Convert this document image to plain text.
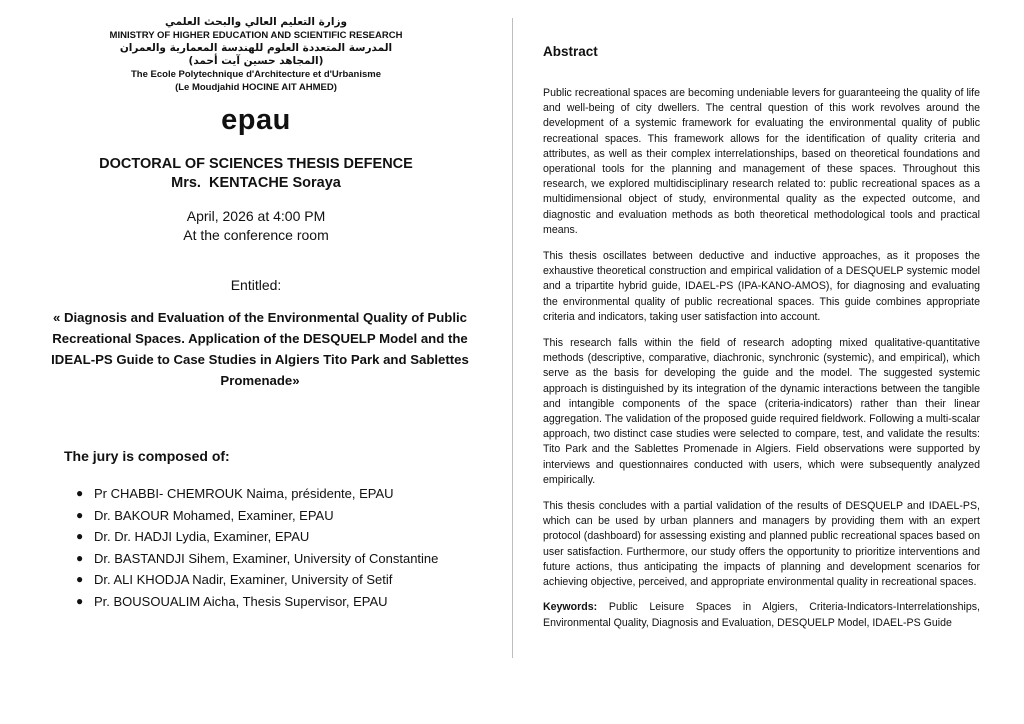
وزارة التعليم العالي والبحث العلمي
MINISTRY OF HIGHER EDUCATION AND SCIENTIFIC RESEARCH
المدرسة المتعددة العلوم للهندسة المعمارية والعمران
(المجاهد حسين آيت أحمد)
The Ecole Polytechnique d'Architecture et d'Urbanisme
(Le Moudjahid HOCINE AIT AHMED)
epau
DOCTORAL OF SCIENCES THESIS DEFENCE
Mrs.  KENTACHE Soraya
April, 2026 at 4:00 PM
At the conference room
Entitled:
« Diagnosis and Evaluation of the Environmental Quality of Public Recreational Spaces. Application of the DESQUELP Model and the IDEAL-PS Guide to Case Studies in Algiers Tito Park and Sablettes Promenade»
The jury is composed of:
● Pr CHABBI- CHEMROUK Naima, présidente, EPAU
● Dr. BAKOUR Mohamed, Examiner, EPAU
● Dr. Dr. HADJI Lydia, Examiner, EPAU
● Dr. BASTANDJI Sihem, Examiner, University of Constantine
● Dr. ALI KHODJA Nadir, Examiner, University of Setif
● Pr. BOUSOUALIM Aicha, Thesis Supervisor, EPAU
Abstract

Public recreational spaces are becoming undeniable levers for guaranteeing the quality of life and well-being of city dwellers. The central question of this work revolves around the development of a systemic framework for evaluating the environmental quality of public recreational spaces. This framework allows for the identification of quality criteria and attributes, as well as their complex interrelationships, based on theoretical foundations and operational tools for the planning and management of these spaces. Throughout this research, we explored multidisciplinary research related to: public recreational spaces as a multidimensional object of study, environmental quality as the expected outcome, and diagnostic and evaluation methods as both theoretical methodological tools and practical means.

This thesis oscillates between deductive and inductive approaches, as it proposes the exhaustive theoretical construction and empirical validation of a DESQUELP systemic model and a tripartite hybrid guide, IDAEL-PS (IPA-KANO-AMOS), for diagnosing and evaluating the environmental quality of public recreational spaces. This guide combines appropriate criteria and indicators, taking user satisfaction into account.

This research falls within the field of research adopting mixed qualitative-quantitative methods (descriptive, comparative, diachronic, synchronic (systemic), and empirical), which serve as the basis for developing the guide and the model. The suggested systemic approach is distinguished by its integration of the dynamic interactions between the tangible and intangible components of the space (criteria-indicators) rather than their linear aggregation. The validation of the proposed guide required fieldwork. Following a multi-scalar approach, two distinct case studies were selected to compare, test, and validate the results: Tito Park and the Sablettes Promenade in Algiers. Field observations were supported by interviews and questionnaires conducted with users, which were subsequently analyzed empirically.

This thesis concludes with a partial validation of the results of DESQUELP and IDAEL-PS, which can be used by urban planners and managers by providing them with an expert protocol (dashboard) for assessing existing and planned public recreational spaces based on user satisfaction. Furthermore, our study offers the opportunity to prioritize interventions and future actions, thus anticipating the impacts of planning and development scenarios for achieving objective, perceived, and appropriate environmental quality in recreational spaces.

Keywords: Public Leisure Spaces in Algiers, Criteria-Indicators-Interrelationships, Environmental Quality, Diagnosis and Evaluation, DESQUELP Model, IDAEL-PS Guide
